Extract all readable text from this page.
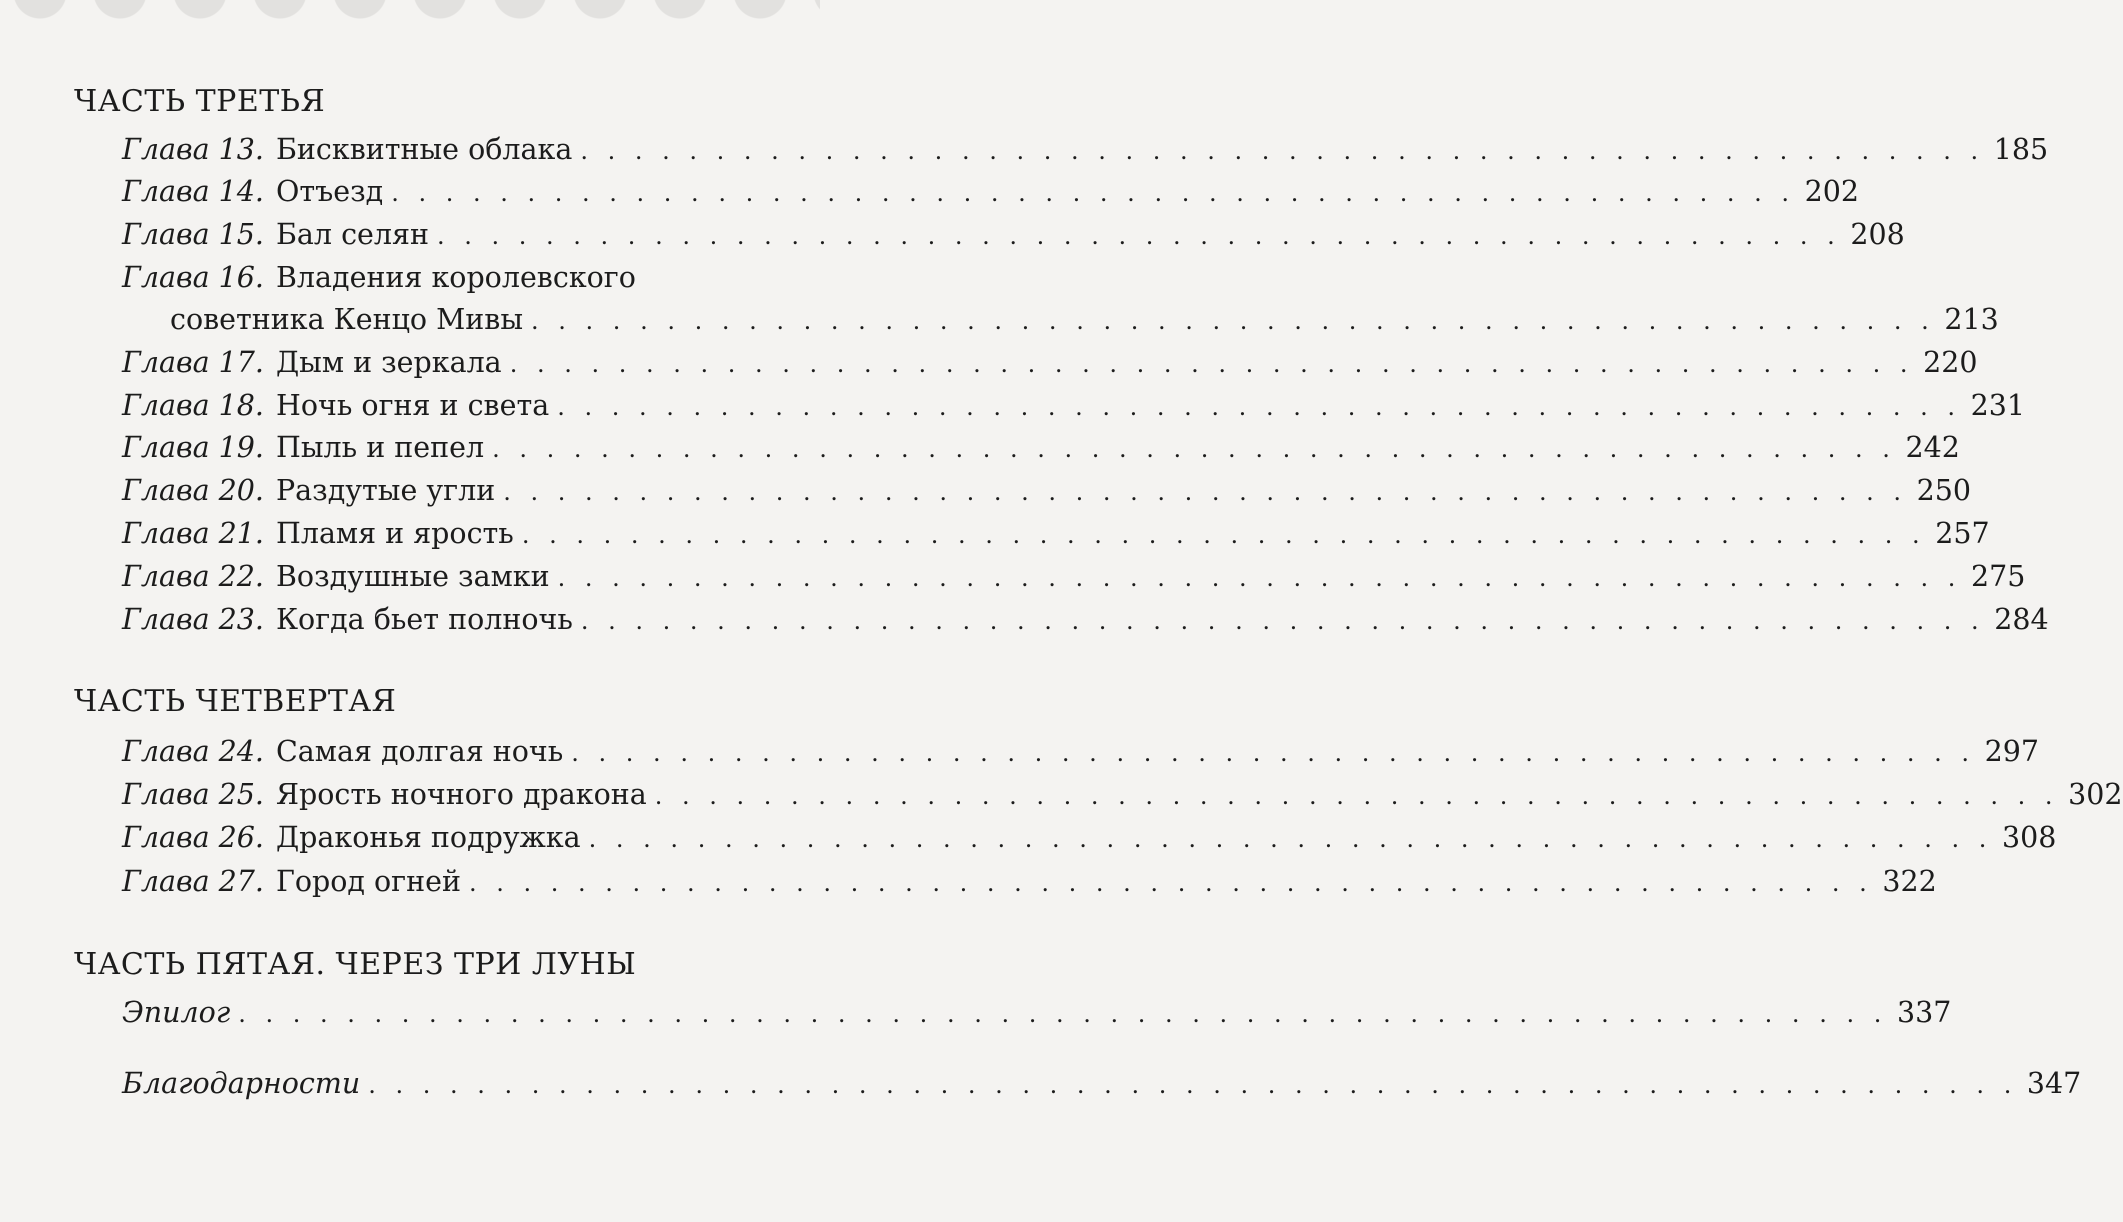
ЧАСТЬ ТРЕТЬЯ
Глава 13. Бисквитные облака . . . . . . . . . . . . . . . . . . . . . . . . . . . . . . . . . . . . . . . . . . . . . . . . . . . . 185
Глава 14. Отъезд . . . . . . . . . . . . . . . . . . . . . . . . . . . . . . . . . . . . . . . . . . . . . . . . . . . . 202
Глава 15. Бал селян . . . . . . . . . . . . . . . . . . . . . . . . . . . . . . . . . . . . . . . . . . . . . . . . . . . . 208
Глава 16. Владения королевского
советника Кенцо Мивы . . . . . . . . . . . . . . . . . . . . . . . . . . . . . . . . . . . . . . . . . . . . . . . . . . . . 213
Глава 17. Дым и зеркала . . . . . . . . . . . . . . . . . . . . . . . . . . . . . . . . . . . . . . . . . . . . . . . . . . . . 220
Глава 18. Ночь огня и света . . . . . . . . . . . . . . . . . . . . . . . . . . . . . . . . . . . . . . . . . . . . . . . . . . . . 231
Глава 19. Пыль и пепел . . . . . . . . . . . . . . . . . . . . . . . . . . . . . . . . . . . . . . . . . . . . . . . . . . . . 242
Глава 20. Раздутые угли . . . . . . . . . . . . . . . . . . . . . . . . . . . . . . . . . . . . . . . . . . . . . . . . . . . . 250
Глава 21. Пламя и ярость . . . . . . . . . . . . . . . . . . . . . . . . . . . . . . . . . . . . . . . . . . . . . . . . . . . . 257
Глава 22. Воздушные замки . . . . . . . . . . . . . . . . . . . . . . . . . . . . . . . . . . . . . . . . . . . . . . . . . . . . 275
Глава 23. Когда бьет полночь . . . . . . . . . . . . . . . . . . . . . . . . . . . . . . . . . . . . . . . . . . . . . . . . . . . . 284
ЧАСТЬ ЧЕТВЕРТАЯ
Глава 24. Самая долгая ночь . . . . . . . . . . . . . . . . . . . . . . . . . . . . . . . . . . . . . . . . . . . . . . . . . . . . 297
Глава 25. Ярость ночного дракона . . . . . . . . . . . . . . . . . . . . . . . . . . . . . . . . . . . . . . . . . . . . . . . . . . . . 302
Глава 26. Драконья подружка . . . . . . . . . . . . . . . . . . . . . . . . . . . . . . . . . . . . . . . . . . . . . . . . . . . . 308
Глава 27. Город огней . . . . . . . . . . . . . . . . . . . . . . . . . . . . . . . . . . . . . . . . . . . . . . . . . . . . 322
ЧАСТЬ ПЯТАЯ. ЧЕРЕЗ ТРИ ЛУНЫ
Эпилог . . . . . . . . . . . . . . . . . . . . . . . . . . . . . . . . . . . . . . . . . . . . . . . . . . . . . . . . . . . . . 337
Благодарности . . . . . . . . . . . . . . . . . . . . . . . . . . . . . . . . . . . . . . . . . . . . . . . . . . . . . . . . . . . . . 347
